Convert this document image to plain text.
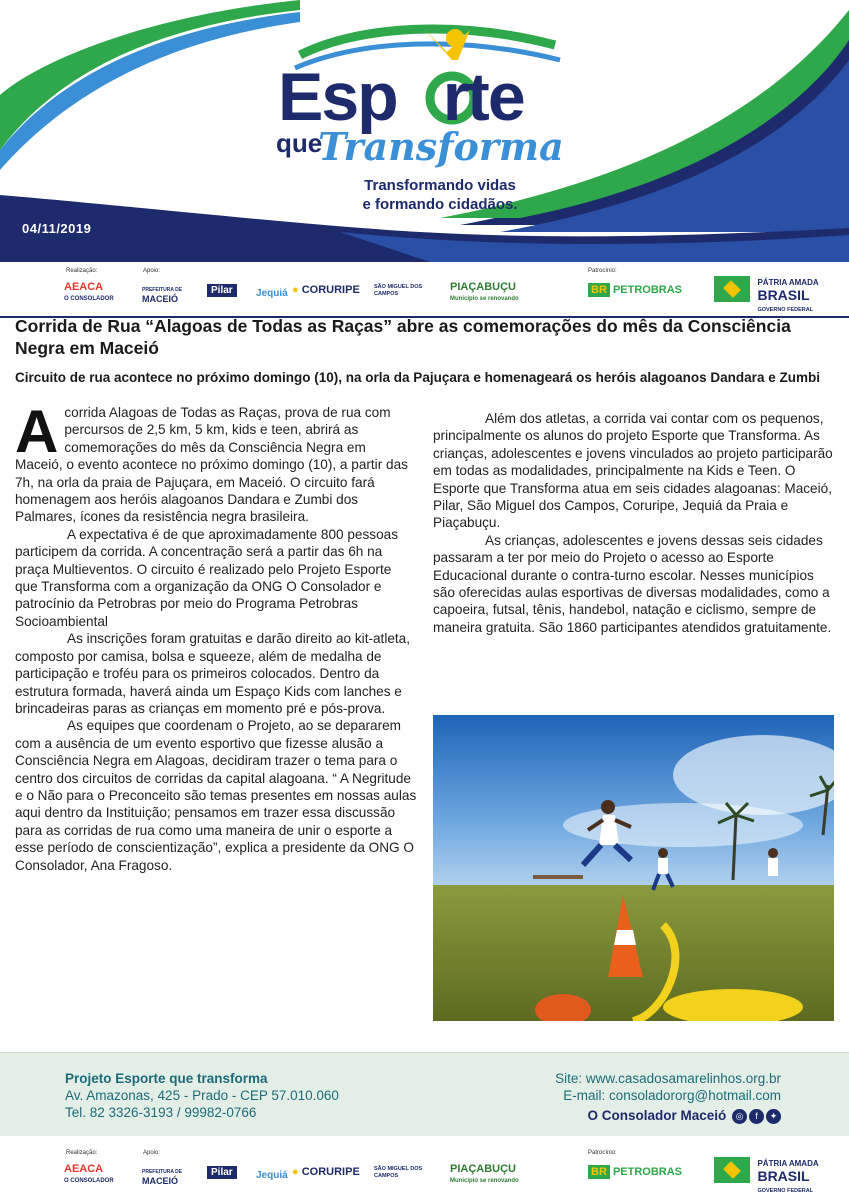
Esp rte
que
Transforma
Transformando vidas
e formando cidadãos.
04/11/2019
Realização:	Apoio:	Patrocínio:
AEACA
O CONSOLADOR
PREFEITURA DE
MACEIÓ
Pilar	Jequiá ● CORURIPE	SÃO MIGUEL DOS CAMPOS
PIAÇABUÇU
Município se renovando
BR PETROBRAS
PÁTRIA AMADA
BRASIL
GOVERNO FEDERAL
Corrida de Rua “Alagoas de Todas as Raças” abre as comemorações do mês da Consciência Negra em Maceió
Circuito de rua acontece no próximo domingo (10), na orla da Pajuçara e homenageará os heróis alagoanos Dandara e Zumbi
A corrida Alagoas de Todas as Raças, prova de rua com percursos de 2,5 km, 5 km, kids e teen, abrirá as comemorações do mês da Consciência Negra em Maceió, o evento acontece no próximo domingo (10), a partir das 7h, na orla da praia de Pajuçara, em Maceió. O circuito fará homenagem aos heróis alagoanos Dandara e Zumbi dos Palmares, ícones da resistência negra brasileira.

A expectativa é de que aproximadamente 800 pessoas participem da corrida. A concentração será a partir das 6h na praça Multieventos. O circuito é realizado pelo Projeto Esporte que Transforma com a organização da ONG O Consolador e patrocínio da Petrobras por meio do Programa Petrobras Socioambiental

As inscrições foram gratuitas e darão direito ao kit-atleta, composto por camisa, bolsa e squeeze, além de medalha de participação e troféu para os primeiros colocados. Dentro da estrutura formada, haverá ainda um Espaço Kids com lanches e brincadeiras paras as crianças em momento pré e pós-prova.

As equipes que coordenam o Projeto, ao se depararem com a ausência de um evento esportivo que fizesse alusão a Consciência Negra em Alagoas, decidiram trazer o tema para o centro dos circuitos de corridas da capital alagoana. “ A Negritude e o Não para o Preconceito são temas presentes em nossas aulas aqui dentro da Instituição; pensamos em trazer essa discussão para as corridas de rua como uma maneira de unir o esporte a esse período de conscientização”, explica a presidente da ONG O Consolador, Ana Fragoso.

Além dos atletas, a corrida vai contar com os pequenos, principalmente os alunos do projeto Esporte que Transforma. As crianças, adolescentes e jovens vinculados ao projeto participarão em todas as modalidades, principalmente na Kids e Teen. O Esporte que Transforma atua em seis cidades alagoanas: Maceió, Pilar, São Miguel dos Campos, Coruripe, Jequiá da Praia e Piaçabuçu.

As crianças, adolescentes e jovens dessas seis cidades passaram a ter por meio do Projeto o acesso ao Esporte Educacional durante o contra-turno escolar. Nesses municípios são oferecidas aulas esportivas de diversas modalidades, como a capoeira, futsal, tênis, handebol, natação e ciclismo, sempre de maneira gratuita. São 1860 participantes atendidos gratuitamente.

Projeto Esporte que transforma
Av. Amazonas, 425 - Prado - CEP 57.010.060
Tel. 82 3326-3193 / 99982-0766
Site: www.casadosamarelinhos.org.br
E-mail: consoladororg@hotmail.com
O Consolador Maceió ◎ f ✦
Realização:	Apoio:	Patrocínio:
AEACA
O CONSOLADOR
PREFEITURA DE
MACEIÓ
Pilar	Jequiá ● CORURIPE	SÃO MIGUEL DOS CAMPOS
PIAÇABUÇU
Município se renovando
BR PETROBRAS
PÁTRIA AMADA
BRASIL
GOVERNO FEDERAL
